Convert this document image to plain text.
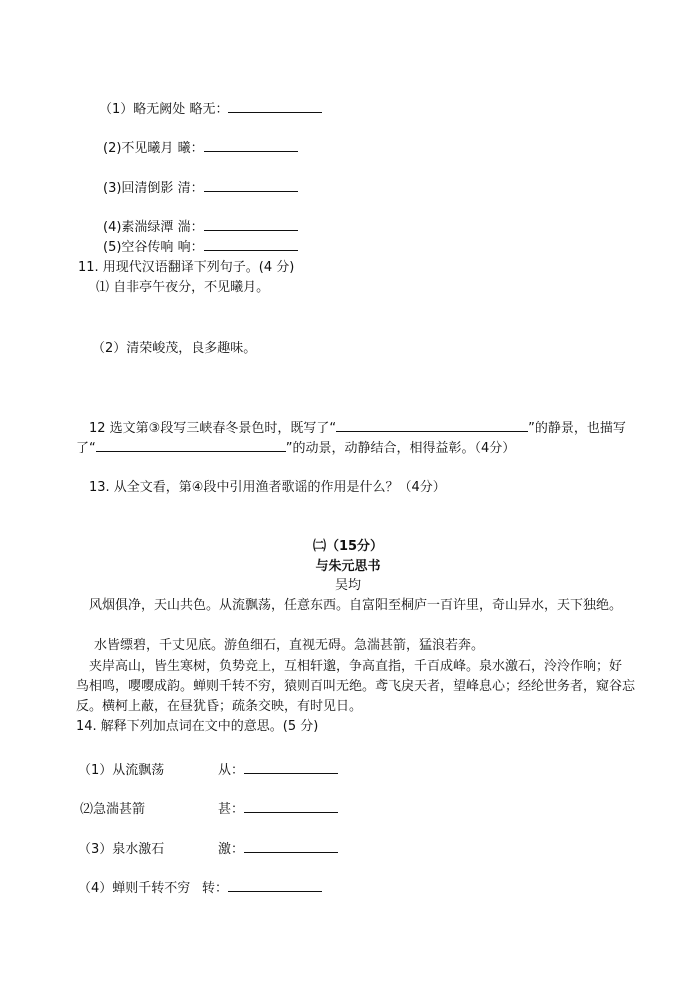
（1）略无阙处 略无：
(2)不见曦月 曦：
(3)回清倒影 清：
(4)素湍绿潭 湍：
(5)空谷传响 响：
11. 用现代汉语翻译下列句子。(4 分)
⑴ 自非亭午夜分，不见曦月。
（2）清荣峻茂，良多趣味。
12 选文第③段写三峡春冬景色时，既写了“	”的静景，也描写
了“	”的动景，动静结合，相得益彰。（4分）
13. 从全文看，第④段中引用渔者歌谣的作用是什么？（4分）
㈡（15分）
与朱元思书
吴均
风烟俱净，天山共色。从流飘荡，任意东西。自富阳至桐庐一百许里，奇山异水，天下独绝。
水皆缥碧，千丈见底。游鱼细石，直视无碍。急湍甚箭，猛浪若奔。
夹岸高山，皆生寒树，负势竞上，互相轩邈，争高直指，千百成峰。泉水激石，泠泠作响；好
鸟相鸣，嘤嘤成韵。蝉则千转不穷，猿则百叫无绝。鸢飞戾天者，望峰息心；经纶世务者，窥谷忘
反。横柯上蔽，在昼犹昏；疏条交映，有时见日。
14. 解释下列加点词在文中的意思。(5 分)
（1）从流飘荡	从：
⑵急湍甚箭	甚：
（3）泉水激石	激：
（4）蝉则千转不穷 转：
